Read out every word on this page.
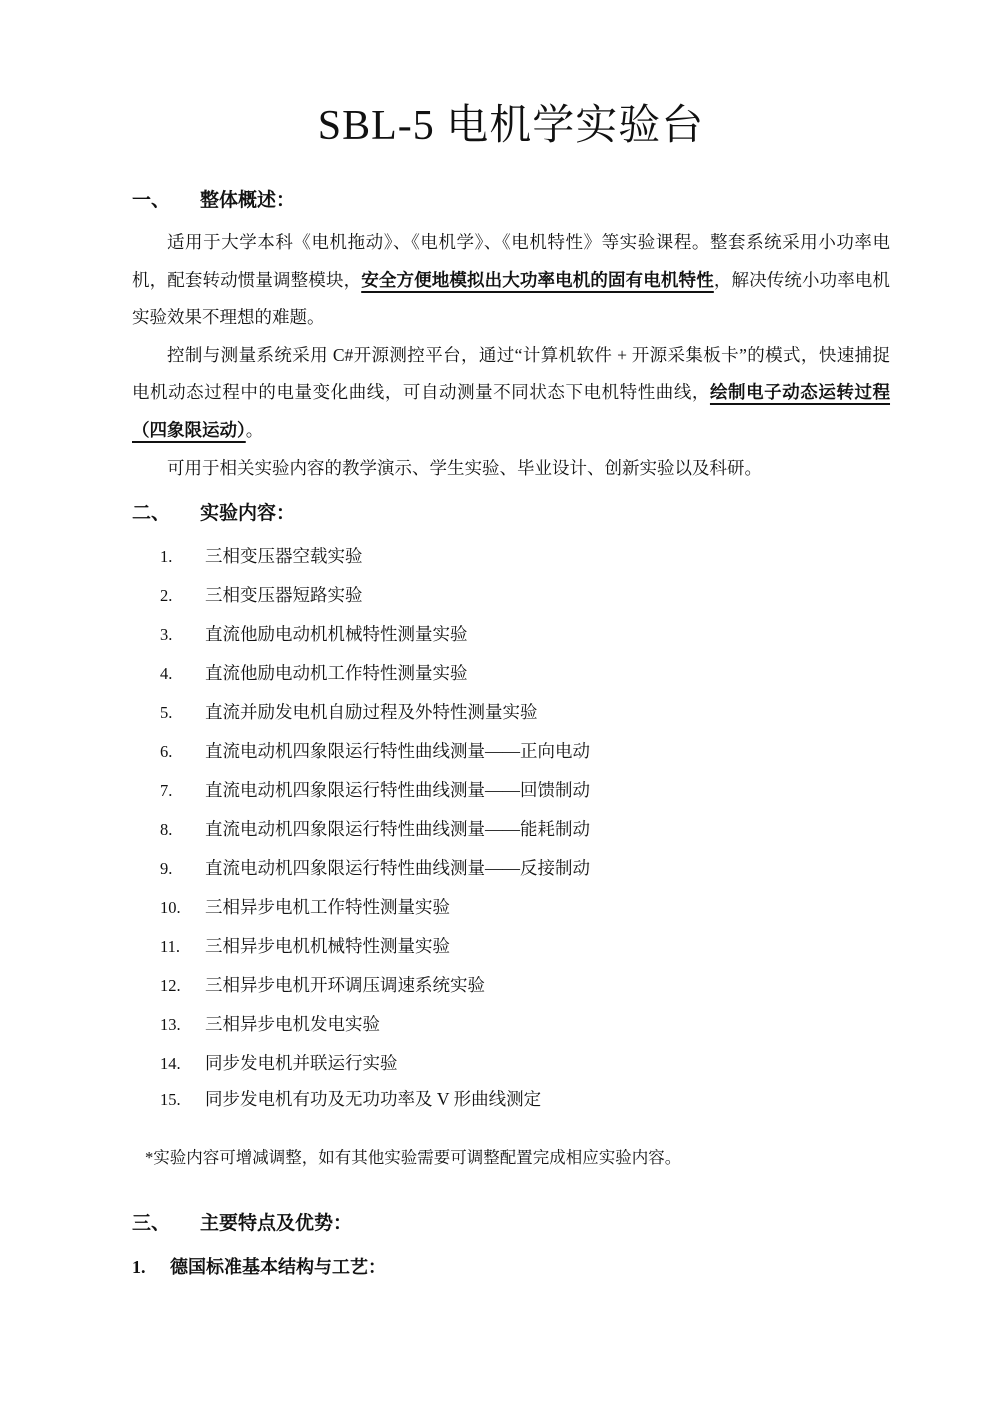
SBL-5 电机学实验台
一、	整体概述：

适用于大学本科《电机拖动》、《电机学》、《电机特性》等实验课程。整套系统采用小功率电机，配套转动惯量调整模块，安全方便地模拟出大功率电机的固有电机特性，解决传统小功率电机实验效果不理想的难题。

控制与测量系统采用 C#开源测控平台，通过“计算机软件 + 开源采集板卡”的模式，快速捕捉电机动态过程中的电量变化曲线，可自动测量不同状态下电机特性曲线，绘制电子动态运转过程（四象限运动）。

可用于相关实验内容的教学演示、学生实验、毕业设计、创新实验以及科研。

二、	实验内容：
1.	三相变压器空载实验
2.	三相变压器短路实验
3.	直流他励电动机机械特性测量实验
4.	直流他励电动机工作特性测量实验
5.	直流并励发电机自励过程及外特性测量实验
6.	直流电动机四象限运行特性曲线测量——正向电动
7.	直流电动机四象限运行特性曲线测量——回馈制动
8.	直流电动机四象限运行特性曲线测量——能耗制动
9.	直流电动机四象限运行特性曲线测量——反接制动
10.	三相异步电机工作特性测量实验
11.	三相异步电机机械特性测量实验
12.	三相异步电机开环调压调速系统实验
13.	三相异步电机发电实验
14.	同步发电机并联运行实验
15.	同步发电机有功及无功功率及 V 形曲线测定
*实验内容可增减调整，如有其他实验需要可调整配置完成相应实验内容。
三、	主要特点及优势：
1.	德国标准基本结构与工艺：
